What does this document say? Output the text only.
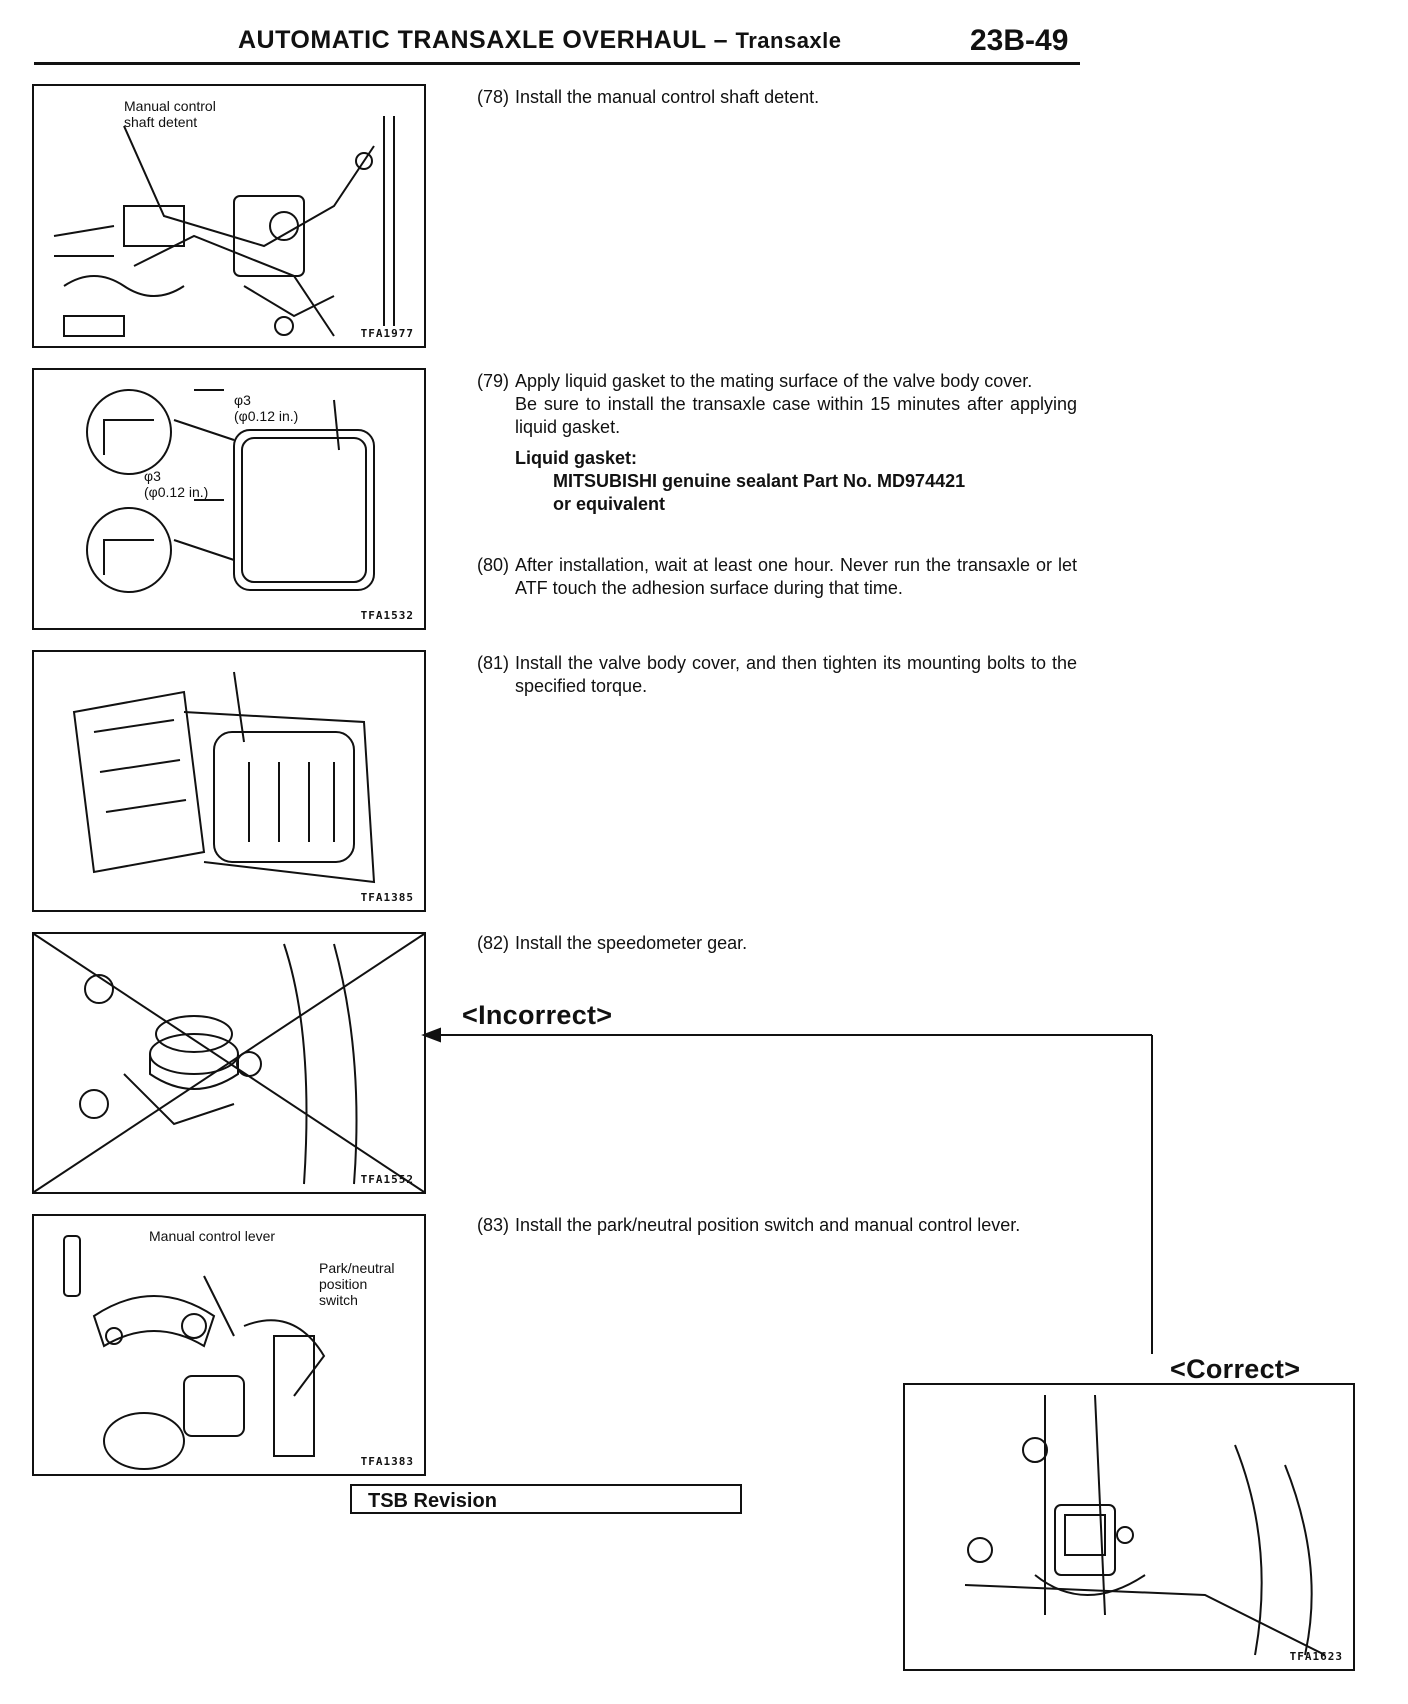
AUTOMATIC TRANSAXLE OVERHAUL – Transaxle	23B-49
Manual control
shaft detent
TFA1977
φ3
(φ0.12 in.)
φ3
(φ0.12 in.)
TFA1532
TFA1385
TFA1552
Manual control lever
Park/neutral
position
switch
TFA1383
TFA1623
<Incorrect>
<Correct>
(78) Install the manual control shaft detent.
(79) Apply liquid gasket to the mating surface of the valve body cover.
Be sure to install the transaxle case within 15 minutes after applying liquid gasket.
Liquid gasket:
MITSUBISHI genuine sealant Part No. MD974421
or equivalent
(80) After installation, wait at least one hour. Never run the transaxle or let ATF touch the adhesion surface during that time.
(81) Install the valve body cover, and then tighten its mounting bolts to the specified torque.
(82) Install the speedometer gear.
(83) Install the park/neutral position switch and manual control lever.
TSB Revision
